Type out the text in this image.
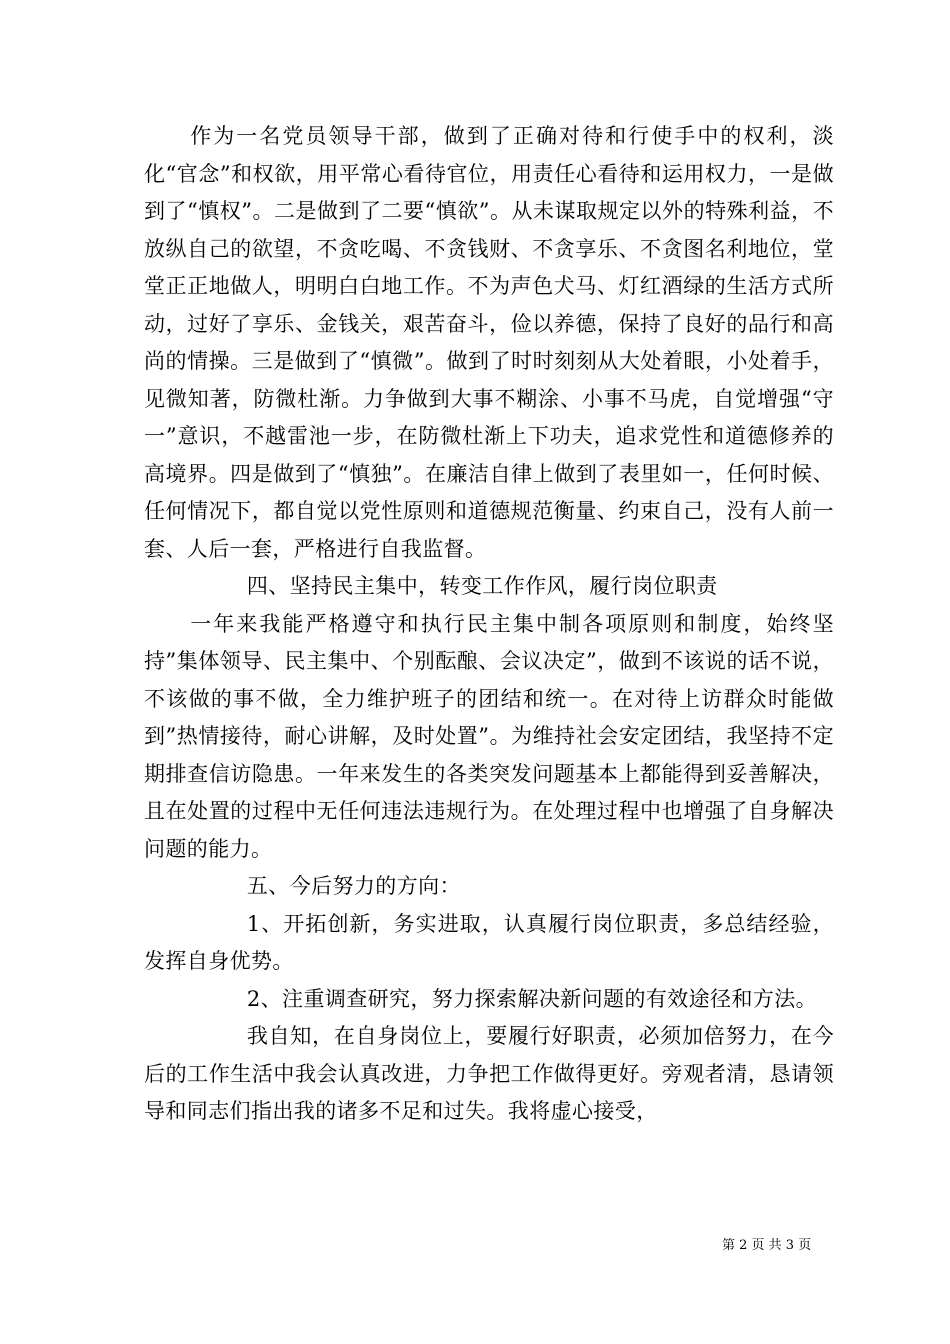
作为一名党员领导干部，做到了正确对待和行使手中的权利，淡化“官念”和权欲，用平常心看待官位，用责任心看待和运用权力，一是做到了“慎权”。二是做到了二要“慎欲”。从未谋取规定以外的特殊利益，不放纵自己的欲望，不贪吃喝、不贪钱财、不贪享乐、不贪图名利地位，堂堂正正地做人，明明白白地工作。不为声色犬马、灯红酒绿的生活方式所动，过好了享乐、金钱关，艰苦奋斗，俭以养德，保持了良好的品行和高尚的情操。三是做到了“慎微”。做到了时时刻刻从大处着眼，小处着手，见微知著，防微杜渐。力争做到大事不糊涂、小事不马虎，自觉增强“守一”意识，不越雷池一步，在防微杜渐上下功夫，追求党性和道德修养的高境界。四是做到了“慎独”。在廉洁自律上做到了表里如一，任何时候、任何情况下，都自觉以党性原则和道德规范衡量、约束自己，没有人前一套、人后一套，严格进行自我监督。

四、坚持民主集中，转变工作作风，履行岗位职责

一年来我能严格遵守和执行民主集中制各项原则和制度，始终坚持”集体领导、民主集中、个别酝酿、会议决定”，做到不该说的话不说，不该做的事不做，全力维护班子的团结和统一。在对待上访群众时能做到”热情接待，耐心讲解，及时处置”。为维持社会安定团结，我坚持不定期排查信访隐患。一年来发生的各类突发问题基本上都能得到妥善解决，且在处置的过程中无任何违法违规行为。在处理过程中也增强了自身解决问题的能力。

五、今后努力的方向：

1、开拓创新，务实进取，认真履行岗位职责，多总结经验，发挥自身优势。

2、注重调查研究，努力探索解决新问题的有效途径和方法。

我自知，在自身岗位上，要履行好职责，必须加倍努力，在今后的工作生活中我会认真改进，力争把工作做得更好。旁观者清，恳请领导和同志们指出我的诸多不足和过失。我将虚心接受，

第 2 页 共 3 页
